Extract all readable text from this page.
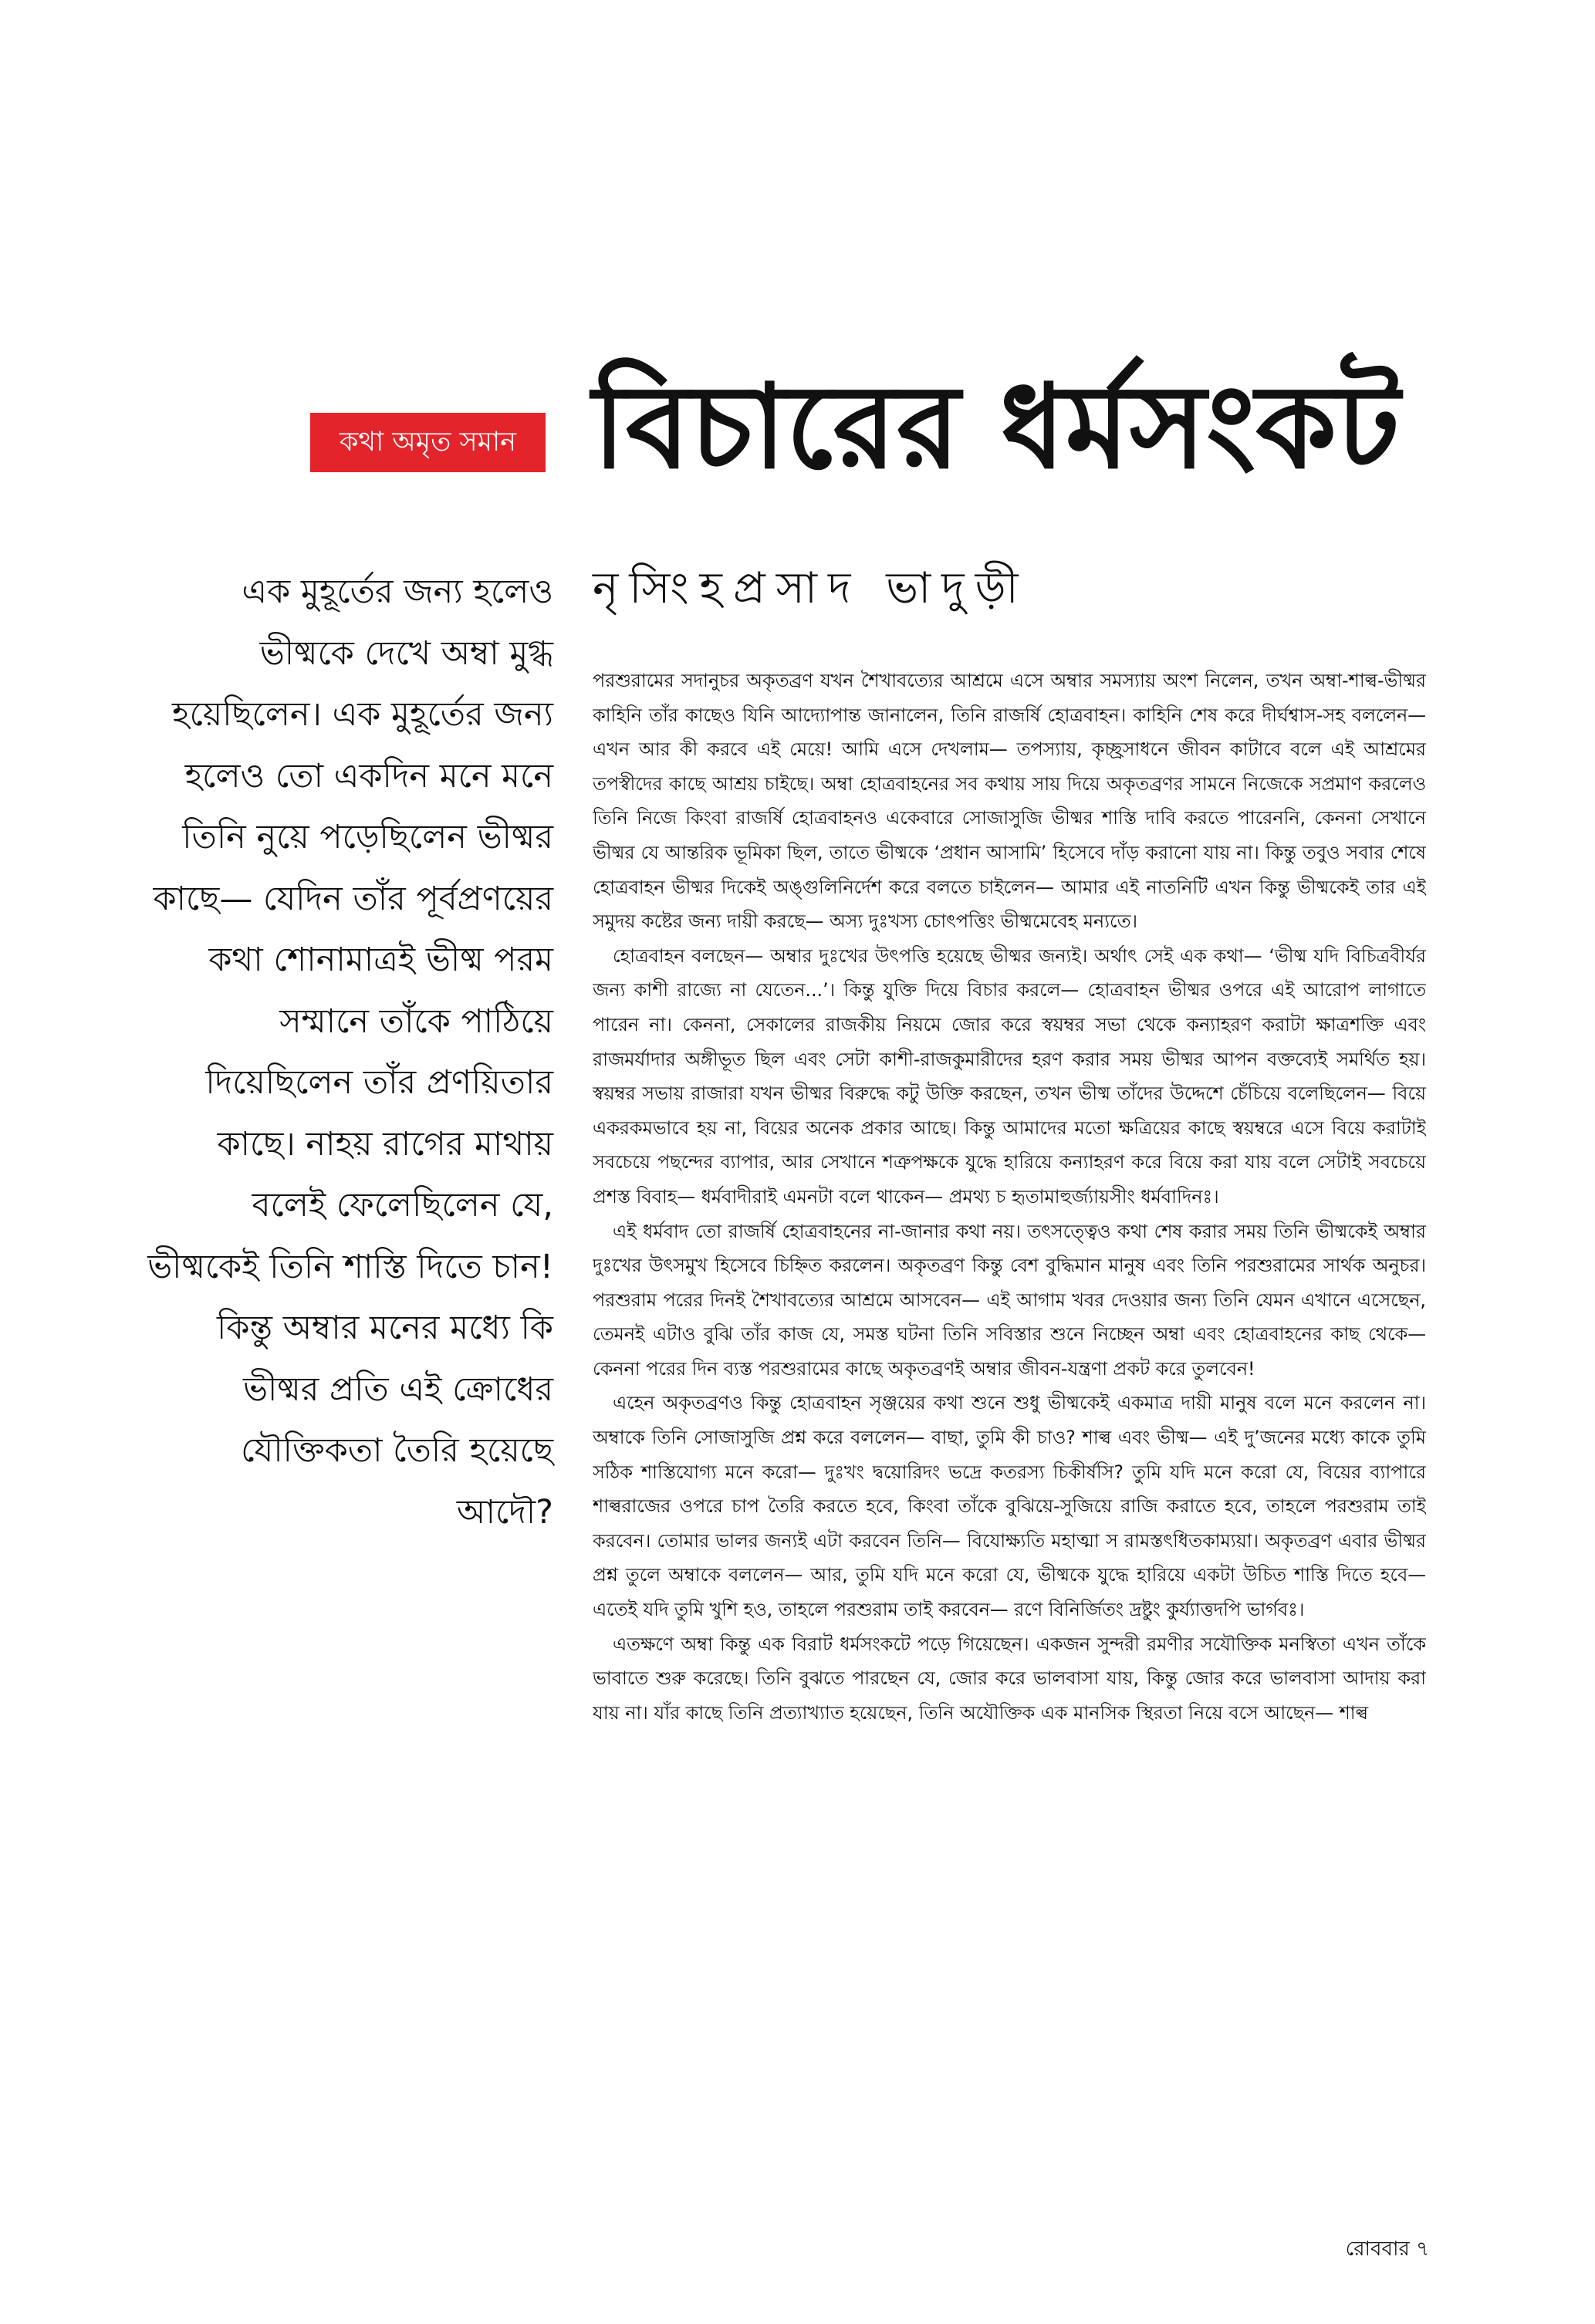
কথা অমৃত সমান বিচারের ধর্মসংকট
নৃসিংহপ্রসাদ ভাদুড়ী

এক মুহূর্তের জন্য হলেও ভীষ্মকে দেখে অম্বা মুগ্ধ হয়েছিলেন। এক মুহূর্তের জন্য হলেও তো একদিন মনে মনে তিনি নুয়ে পড়েছিলেন ভীষ্মর কাছে— যেদিন তাঁর পূর্বপ্রণয়ের কথা শোনামাত্রই ভীষ্ম পরম সম্মানে তাঁকে পাঠিয়ে দিয়েছিলেন তাঁর প্রণয়িতার কাছে। নাহয় রাগের মাথায় বলেই ফেলেছিলেন যে, ভীষ্মকেই তিনি শাস্তি দিতে চান! কিন্তু অম্বার মনের মধ্যে কি ভীষ্মর প্রতি এই ক্রোধের যৌক্তিকতা তৈরি হয়েছে আদৌ?

পরশুরামের সদানুচর অকৃতব্রণ যখন শৈখাবত্যের আশ্রমে এসে অম্বার সমস্যায় অংশ নিলেন, তখন অম্বা-শাল্ব-ভীষ্মর কাহিনি তাঁর কাছেও যিনি আদ্যোপান্ত জানালেন, তিনি রাজর্ষি হোত্রবাহন। কাহিনি শেষ করে দীর্ঘশ্বাস-সহ বললেন— এখন আর কী করবে এই মেয়ে! আমি এসে দেখলাম— তপস্যায়, কৃচ্ছ্রসাধনে জীবন কাটাবে বলে এই আশ্রমের তপস্বীদের কাছে আশ্রয় চাইছে। অম্বা হোত্রবাহনের সব কথায় সায় দিয়ে অকৃতব্রণর সামনে নিজেকে সপ্রমাণ করলেও তিনি নিজে কিংবা রাজর্ষি হোত্রবাহনও একেবারে সোজাসুজি ভীষ্মর শাস্তি দাবি করতে পারেননি, কেননা সেখানে ভীষ্মর যে আন্তরিক ভূমিকা ছিল, তাতে ভীষ্মকে ‘প্রধান আসামি’ হিসেবে দাঁড় করানো যায় না। কিন্তু তবুও সবার শেষে হোত্রবাহন ভীষ্মর দিকেই অঙ্গুলিনির্দেশ করে বলতে চাইলেন— আমার এই নাতনিটি এখন কিন্তু ভীষ্মকেই তার এই সমুদয় কষ্টের জন্য দায়ী করছে— অস্য দুঃখস্য চোৎপত্তিং ভীষ্মমেবেহ মন্যতে।

হোত্রবাহন বলছেন— অম্বার দুঃখের উৎপত্তি হয়েছে ভীষ্মর জন্যই। অর্থাৎ সেই এক কথা— ‘ভীষ্ম যদি বিচিত্রবীর্যর জন্য কাশী রাজ্যে না যেতেন...’। কিন্তু যুক্তি দিয়ে বিচার করলে— হোত্রবাহন ভীষ্মর ওপরে এই আরোপ লাগাতে পারেন না। কেননা, সেকালের রাজকীয় নিয়মে জোর করে স্বয়ম্বর সভা থেকে কন্যাহরণ করাটা ক্ষাত্রশক্তি এবং রাজমর্যাদার অঙ্গীভূত ছিল এবং সেটা কাশী-রাজকুমারীদের হরণ করার সময় ভীষ্মর আপন বক্তব্যেই সমর্থিত হয়। স্বয়ম্বর সভায় রাজারা যখন ভীষ্মর বিরুদ্ধে কটু উক্তি করছেন, তখন ভীষ্ম তাঁদের উদ্দেশে চেঁচিয়ে বলেছিলেন— বিয়ে একরকমভাবে হয় না, বিয়ের অনেক প্রকার আছে। কিন্তু আমাদের মতো ক্ষত্রিয়ের কাছে স্বয়ম্বরে এসে বিয়ে করাটাই সবচেয়ে পছন্দের ব্যাপার, আর সেখানে শত্রুপক্ষকে যুদ্ধে হারিয়ে কন্যাহরণ করে বিয়ে করা যায় বলে সেটাই সবচেয়ে প্রশস্ত বিবাহ— ধর্মবাদীরাই এমনটা বলে থাকেন— প্রমথ্য চ হৃতামাহুর্জ্যায়সীং ধর্মবাদিনঃ।

এই ধর্মবাদ তো রাজর্ষি হোত্রবাহনের না-জানার কথা নয়। তৎসত্ত্বেও কথা শেষ করার সময় তিনি ভীষ্মকেই অম্বার দুঃখের উৎসমুখ হিসেবে চিহ্নিত করলেন। অকৃতব্রণ কিন্তু বেশ বুদ্ধিমান মানুষ এবং তিনি পরশুরামের সার্থক অনুচর। পরশুরাম পরের দিনই শৈখাবত্যের আশ্রমে আসবেন— এই আগাম খবর দেওয়ার জন্য তিনি যেমন এখানে এসেছেন, তেমনই এটাও বুঝি তাঁর কাজ যে, সমস্ত ঘটনা তিনি সবিস্তার শুনে নিচ্ছেন অম্বা এবং হোত্রবাহনের কাছ থেকে— কেননা পরের দিন ব্যস্ত পরশুরামের কাছে অকৃতব্রণই অম্বার জীবন-যন্ত্রণা প্রকট করে তুলবেন!

এহেন অকৃতব্রণও কিন্তু হোত্রবাহন সৃঞ্জয়ের কথা শুনে শুধু ভীষ্মকেই একমাত্র দায়ী মানুষ বলে মনে করলেন না। অম্বাকে তিনি সোজাসুজি প্রশ্ন করে বললেন— বাছা, তুমি কী চাও? শাল্ব এবং ভীষ্ম— এই দু’জনের মধ্যে কাকে তুমি সঠিক শাস্তিযোগ্য মনে করো— দুঃখং দ্বয়োরিদং ভদ্রে কতরস্য চিকীর্ষসি? তুমি যদি মনে করো যে, বিয়ের ব্যাপারে শাল্বরাজের ওপরে চাপ তৈরি করতে হবে, কিংবা তাঁকে বুঝিয়ে-সুজিয়ে রাজি করাতে হবে, তাহলে পরশুরাম তাই করবেন। তোমার ভালর জন্যই এটা করবেন তিনি— বিযোক্ষ্যতি মহাত্মা স রামস্তৎধিতকাম্যয়া। অকৃতব্রণ এবার ভীষ্মর প্রশ্ন তুলে অম্বাকে বললেন— আর, তুমি যদি মনে করো যে, ভীষ্মকে যুদ্ধে হারিয়ে একটা উচিত শাস্তি দিতে হবে— এতেই যদি তুমি খুশি হও, তাহলে পরশুরাম তাই করবেন— রণে বিনির্জিতং দ্রষ্টুং কুর্য্যাত্তদপি ভার্গবঃ।

এতক্ষণে অম্বা কিন্তু এক বিরাট ধর্মসংকটে পড়ে গিয়েছেন। একজন সুন্দরী রমণীর সযৌক্তিক মনস্বিতা এখন তাঁকে ভাবাতে শুরু করেছে। তিনি বুঝতে পারছেন যে, জোর করে ভালবাসা যায়, কিন্তু জোর করে ভালবাসা আদায় করা যায় না। যাঁর কাছে তিনি প্রত্যাখ্যাত হয়েছেন, তিনি অযৌক্তিক এক মানসিক স্থিরতা নিয়ে বসে আছেন— শাল্ব

রোববার ৭
